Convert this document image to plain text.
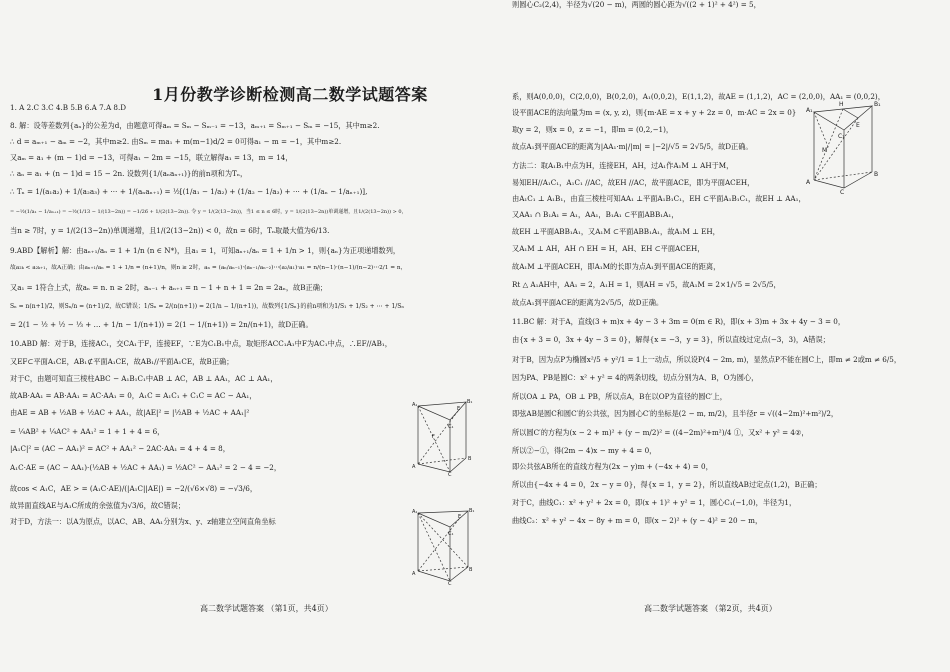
1月份教学诊断检测高二数学试题答案
1. A 2.C 3.C 4.B 5.B 6.A 7.A 8.D
8. 解：设等差数列{aₙ}的公差为d，由题意可得aₘ = Sₘ − Sₘ₋₁ = −13，aₘ₊₁ = Sₘ₊₁ − Sₘ = −15，其中m≥2.
∴ d = aₘ₊₁ − aₘ = −2，其中m≥2. 由Sₘ = ma₁ + m(m−1)d/2 = 0可得a₁ − m = −1，其中m≥2.
又aₘ = a₁ + (m − 1)d = −13，可得a₁ − 2m = −15，联立解得a₁ = 13，m = 14，
∴ aₙ = a₁ + (n − 1)d = 15 − 2n. 设数列{1/(aₙaₙ₊₁)}的前n项和为Tₙ，
∴ Tₙ = 1/(a₁a₂) + 1/(a₂a₃) + ⋯ + 1/(aₙaₙ₊₁) = ½[(1/a₁ − 1/a₂) + (1/a₂ − 1/a₃) + ⋯ + (1/aₙ − 1/aₙ₊₁)],
= −½(1/a₁ − 1/aₙ₊₁) = −½(1/13 − 1/(13−2n)) = −1/26 + 1/(2(13−2n)). 令 y = 1/(2(13−2n))，当1 ≤ n ≤ 6时，y = 1/(2(13−2n))单调递增，且1/(2(13−2n)) > 0，
当n ≥ 7时，y = 1/(2(13−2n))单调递增，且1/(2(13−2n)) < 0，故n = 6时，Tₙ取最大值为6/13.
9.ABD【解析】解：由aₙ₊₁/aₙ = 1 + 1/n (n ∈ N*)，且a₁ = 1，可知aₙ₊₁/aₙ = 1 + 1/n > 1，则{aₙ}为正项递增数列，
故a₂ₖ < a₂ₖ₊₁，故A正确；由aₙ₊₁/aₙ = 1 + 1/n = (n+1)/n，则n ≥ 2时，aₙ = (aₙ/aₙ₋₁)·(aₙ₋₁/aₙ₋₂)⋯(a₂/a₁)·a₁ = n/(n−1)·(n−1)/(n−2)⋯2/1 = n，
又a₁ = 1符合上式，故aₙ = n. n ≥ 2时，aₙ₋₁ + aₙ₊₁ = n − 1 + n + 1 = 2n = 2aₙ，故B正确；
Sₙ = n(n+1)/2，则Sₙ/n = (n+1)/2，故C错误；1/Sₙ = 2/(n(n+1)) = 2(1/n − 1/(n+1))，故数列{1/Sₙ}的前n项和为1/S₁ + 1/S₂ + ⋯ + 1/Sₙ
= 2(1 − ½ + ½ − ⅓ + … + 1/n − 1/(n+1)) = 2(1 − 1/(n+1)) = 2n/(n+1)，故D正确。
10.ABD 解：对于B，连接AC₁，交CA₁于F，连接EF，∵E为C₁B₁中点，取矩形ACC₁A₁中F为AC₁中点，∴EF//AB₁，
又EF⊂平面A₁CE，AB₁⊄平面A₁CE，故AB₁//平面A₁CE，故B正确；
对于C，由题可知直三棱柱ABC − A₁B₁C₁中AB ⊥ AC，AB ⊥ AA₁，AC ⊥ AA₁，
故AB·AA₁ = AB·AA₁ = AC·AA₁ = 0，A₁C = A₁C₁ + C₁C = AC − AA₁，
由AE = AB + ½AB + ½AC + AA₁，故|AE|² = |½AB + ½AC + AA₁|²
= ¼AB² + ¼AC² + AA₁² = 1 + 1 + 4 = 6，
|A₁C|² = (AC − AA₁)² = AC² + AA₁² − 2AC·AA₁ = 4 + 4 = 8，
A₁C·AE = (AC − AA₁)·(½AB + ½AC + AA₁) = ½AC² − AA₁² = 2 − 4 = −2，
故cos < A₁C，AE > = (A₁C·AE)/(|A₁C||AE|) = −2/(√6×√8) = −√3/6，
故异面直线AE与A₁C所成的余弦值为√3/6，故C错误；
对于D，方法一：以A为原点，以AC、AB、AA₁分别为x、y、z轴建立空间直角坐标
A₁	B₁
C₁
E
F
A
B
C
A₁	B₁
C₁
E
A
B
C
高二数学试题答案 （第1页，共4页）
系，则A(0,0,0)，C(2,0,0)，B(0,2,0)，A₁(0,0,2)，E(1,1,2)，故AE = (1,1,2)，AC = (2,0,0)，AA₁ = (0,0,2)，
设平面ACE的法向量为m = (x, y, z)，则{m·AE = x + y + 2z = 0，m·AC = 2x = 0}
取y = 2，则x = 0，z = −1，即m = (0,2,−1)，
故点A₁到平面ACE的距离为|AA₁·m|/|m| = |−2|/√5 = 2√5/5，故D正确。
方法二：取A₁B₁中点为H，连接EH，AH，过A₁作A₁M ⊥ AH于M，
易知EH//A₁C₁，A₁C₁ //AC，故EH //AC，故平面ACE，即为平面ACEH，
由A₁C₁ ⊥ A₁B₁，由直三棱柱可知AA₁ ⊥平面A₁B₁C₁，EH ⊂平面A₁B₁C₁，故EH ⊥ AA₁，
又AA₁ ∩ B₁A₁ = A₁，AA₁，B₁A₁ ⊂平面ABB₁A₁，
故EH ⊥平面ABB₁A₁，又A₁M ⊂平面ABB₁A₁，故A₁M ⊥ EH，
又A₁M ⊥ AH，AH ∩ EH = H，AH、EH ⊂平面ACEH，
故A₁M ⊥平面ACEH，即A₁M的长即为点A₁到平面ACE的距离，
Rt △ A₁AH中，AA₁ = 2，A₁H = 1，则AH = √5，故A₁M = 2×1/√5 = 2√5/5，
故点A₁到平面ACE的距离为2√5/5，故D正确。
11.BC 解：对于A，直线(3 + m)x + 4y − 3 + 3m = 0(m ∈ R)，即(x + 3)m + 3x + 4y − 3 = 0，
由{x + 3 = 0，3x + 4y − 3 = 0}，解得{x = −3，y = 3}，所以直线过定点(−3，3)，A错误；
对于B，因为点P为椭圆x²/5 + y²/1 = 1上一动点，所以设P(4 − 2m, m)，显然点P不能在圆C上，即m ≠ 2或m ≠ 6/5，
因为PA、PB是圆C：x² + y² = 4的两条切线，切点分别为A、B，O为圆心，
所以OA ⊥ PA，OB ⊥ PB，所以点A，B在以OP为直径的圆C′上，
即弦AB是圆C和圆C′的公共弦，因为圆心C′的坐标是(2 − m, m/2)，且半径r = √((4−2m)²+m²)/2，
所以圆C′的方程为(x − 2 + m)² + (y − m/2)² = ((4−2m)²+m²)/4 ①，又x² + y² = 4②，
所以②−①，得(2m − 4)x − my + 4 = 0，
即公共弦AB所在的直线方程为(2x − y)m + (−4x + 4) = 0，
所以由{−4x + 4 = 0，2x − y = 0}，得{x = 1，y = 2}，所以直线AB过定点(1,2)，B正确；
对于C，曲线C₁：x² + y² + 2x = 0，即(x + 1)² + y² = 1，圆心C₁(−1,0)，半径为1，
曲线C₂：x² + y² − 4x − 8y + m = 0，即(x − 2)² + (y − 4)² = 20 − m，
则圆心C₂(2,4)，半径为√(20 − m)，两圆的圆心距为√((2 + 1)² + 4²) = 5，
A₁
B₁
C₁
E
H
M
A
B
C
高二数学试题答案 （第2页，共4页）
